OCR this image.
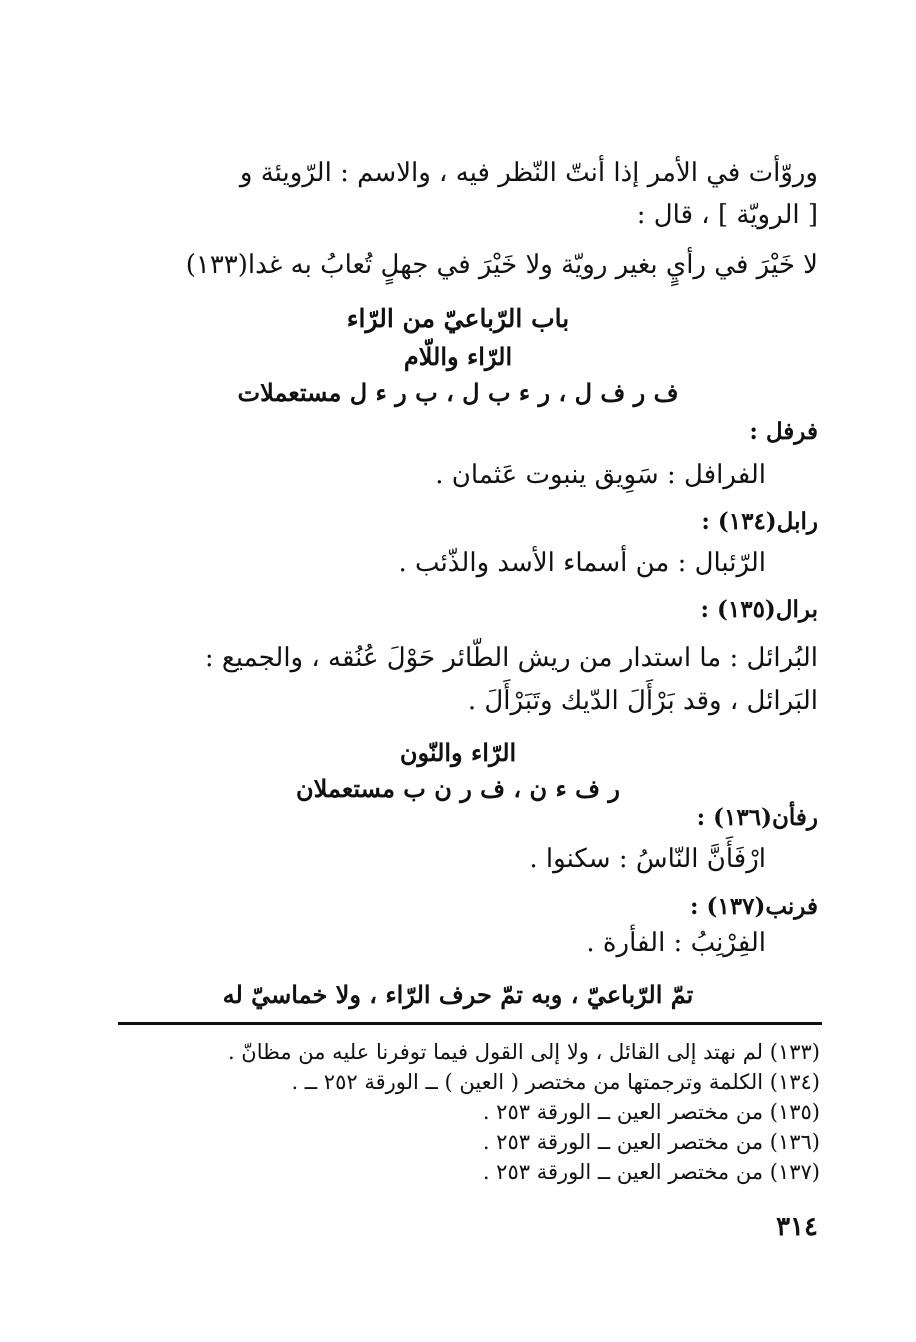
وروّأت في الأمر إذا أنتّ النّظر فيه ، والاسم : الرّويئة و
[ الرويّة ] ، قال :
لا خَيْرَ في رأيٍ بغير رويّة ولا خَيْرَ في جهلٍ تُعابُ به غدا(١٣٣)
باب الرّباعيّ من الرّاء
الرّاء واللّام
ف ر ف ل ، ر ء ب ل ، ب ر ء ل مستعملات
فرفل :
الفرافل : سَوِيق ينبوت عَثمان .
رابل(١٣٤) :
الرّئبال : من أسماء الأسد والذّئب .
برال(١٣٥) :
البُرائل : ما استدار من ريش الطّائر حَوْلَ عُنُقه ، والجميع :
البَرائل ، وقد بَرْأَلَ الدّيك وتَبَرْأَلَ .
الرّاء والنّون
ر ف ء ن ، ف ر ن ب مستعملان
رفأن(١٣٦) :
ارْفَأَنَّ النّاسُ : سكنوا .
فرنب(١٣٧) :
الفِرْنِبُ : الفأرة .
تمّ الرّباعيّ ، وبه تمّ حرف الرّاء ، ولا خماسيّ له
(١٣٣) لم نهتد إلى القائل ، ولا إلى القول فيما توفرنا عليه من مظانّ .
(١٣٤) الكلمة وترجمتها من مختصر ( العين ) ــ الورقة ٢٥٢ ــ .
(١٣٥) من مختصر العين ــ الورقة ٢٥٣ .
(١٣٦) من مختصر العين ــ الورقة ٢٥٣ .
(١٣٧) من مختصر العين ــ الورقة ٢٥٣ .
٣١٤
